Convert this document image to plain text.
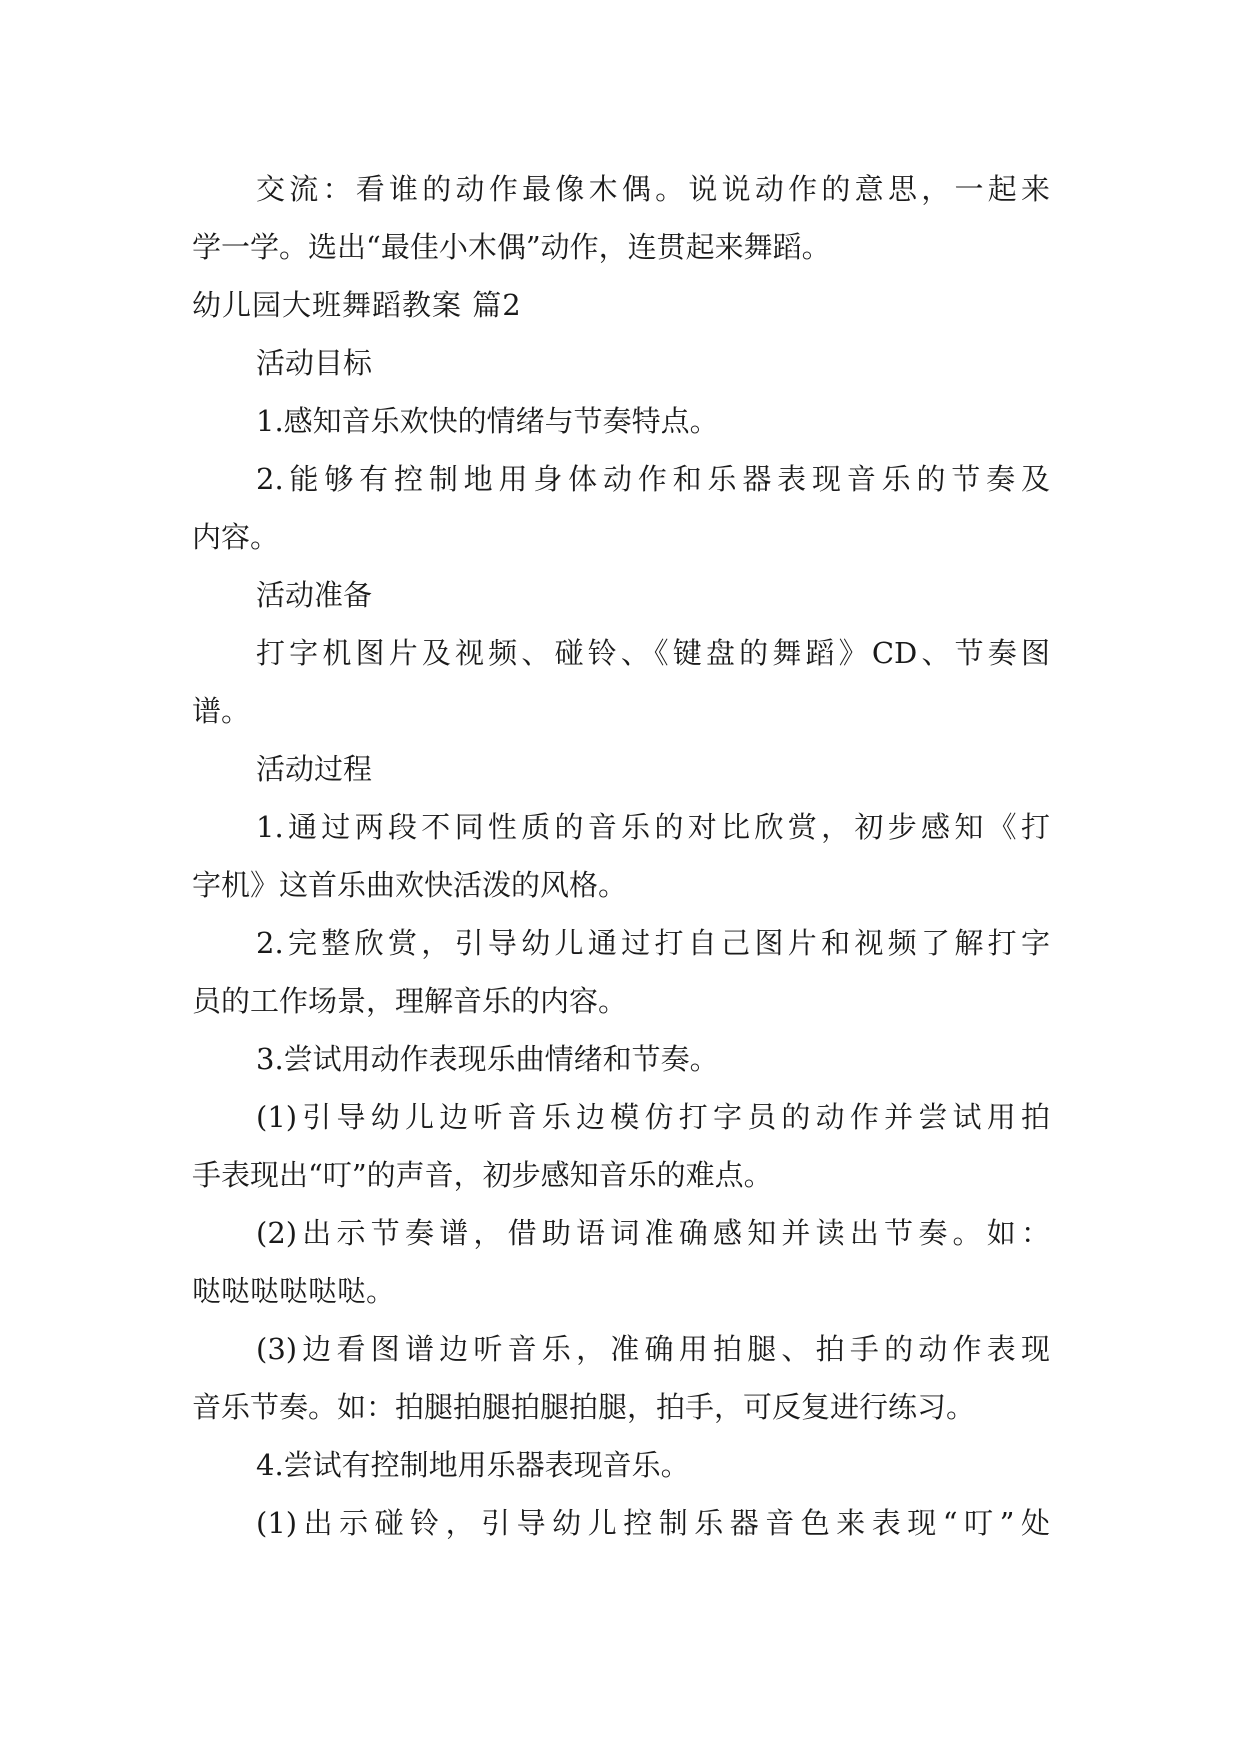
交流：看谁的动作最像木偶。说说动作的意思，一起来
学一学。选出“最佳小木偶”动作，连贯起来舞蹈。
幼儿园大班舞蹈教案 篇2
活动目标
1.感知音乐欢快的情绪与节奏特点。
2.能够有控制地用身体动作和乐器表现音乐的节奏及
内容。
活动准备
打字机图片及视频、碰铃、《键盘的舞蹈》CD、节奏图
谱。
活动过程
1.通过两段不同性质的音乐的对比欣赏，初步感知《打
字机》这首乐曲欢快活泼的风格。
2.完整欣赏，引导幼儿通过打自己图片和视频了解打字
员的工作场景，理解音乐的内容。
3.尝试用动作表现乐曲情绪和节奏。
(1)引导幼儿边听音乐边模仿打字员的动作并尝试用拍
手表现出“叮”的声音，初步感知音乐的难点。
(2)出示节奏谱，借助语词准确感知并读出节奏。如：
哒哒哒哒哒哒。
(3)边看图谱边听音乐，准确用拍腿、拍手的动作表现
音乐节奏。如：拍腿拍腿拍腿拍腿，拍手，可反复进行练习。
4.尝试有控制地用乐器表现音乐。
(1)出示碰铃，引导幼儿控制乐器音色来表现“叮”处
